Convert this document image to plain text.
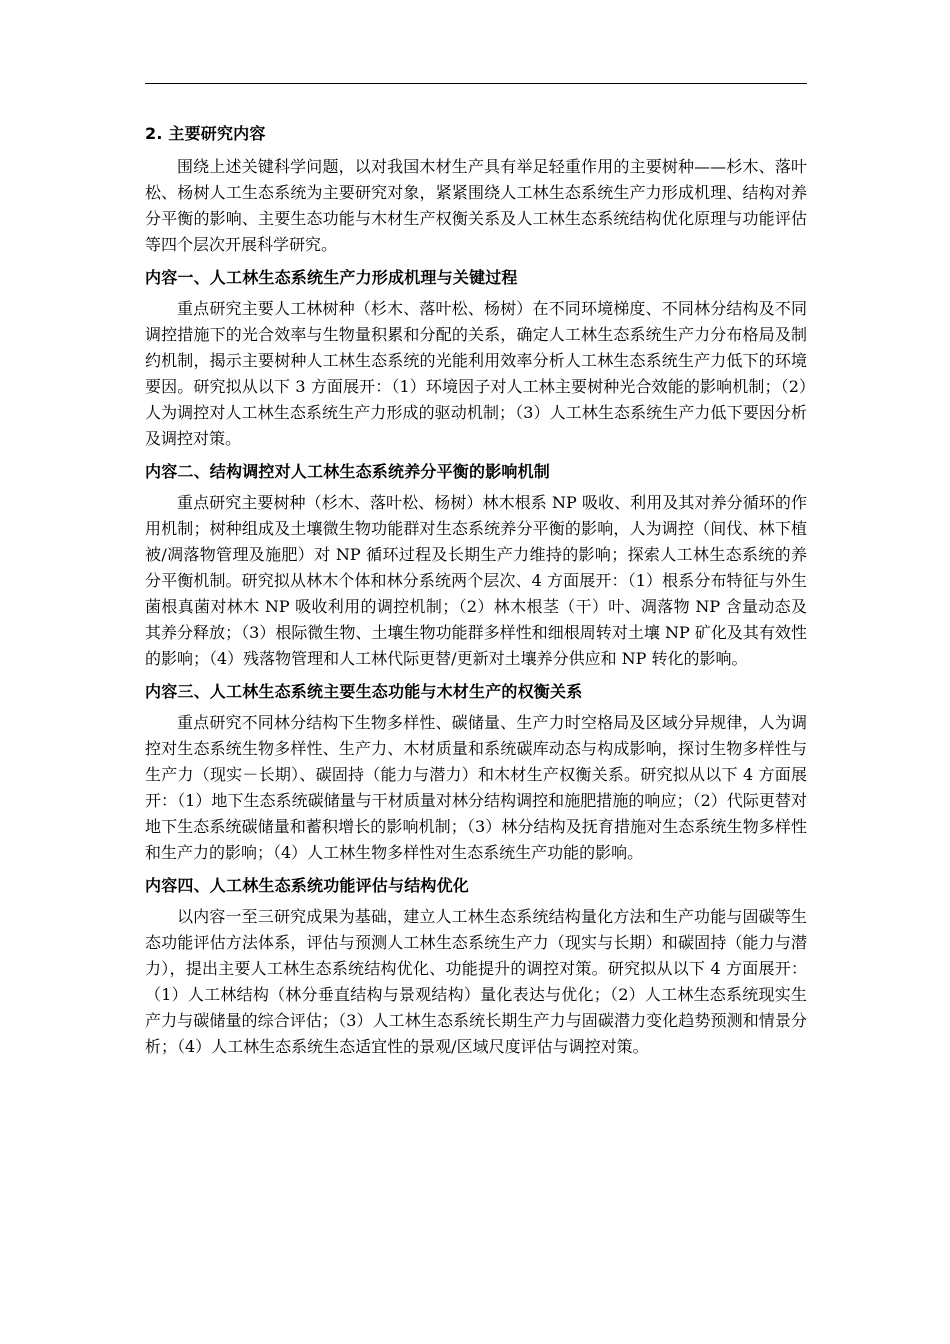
2. 主要研究内容

围绕上述关键科学问题，以对我国木材生产具有举足轻重作用的主要树种——杉木、落叶松、杨树人工生态系统为主要研究对象，紧紧围绕人工林生态系统生产力形成机理、结构对养分平衡的影响、主要生态功能与木材生产权衡关系及人工林生态系统结构优化原理与功能评估等四个层次开展科学研究。

内容一、人工林生态系统生产力形成机理与关键过程

重点研究主要人工林树种（杉木、落叶松、杨树）在不同环境梯度、不同林分结构及不同调控措施下的光合效率与生物量积累和分配的关系，确定人工林生态系统生产力分布格局及制约机制，揭示主要树种人工林生态系统的光能利用效率分析人工林生态系统生产力低下的环境要因。研究拟从以下 3 方面展开：（1）环境因子对人工林主要树种光合效能的影响机制；（2）人为调控对人工林生态系统生产力形成的驱动机制；（3）人工林生态系统生产力低下要因分析及调控对策。

内容二、结构调控对人工林生态系统养分平衡的影响机制

重点研究主要树种（杉木、落叶松、杨树）林木根系 NP 吸收、利用及其对养分循环的作用机制；树种组成及土壤微生物功能群对生态系统养分平衡的影响，人为调控（间伐、林下植被/凋落物管理及施肥）对 NP 循环过程及长期生产力维持的影响；探索人工林生态系统的养分平衡机制。研究拟从林木个体和林分系统两个层次、4 方面展开：（1）根系分布特征与外生菌根真菌对林木 NP 吸收利用的调控机制；（2）林木根茎（干）叶、凋落物 NP 含量动态及其养分释放；（3）根际微生物、土壤生物功能群多样性和细根周转对土壤 NP 矿化及其有效性的影响；（4）残落物管理和人工林代际更替/更新对土壤养分供应和 NP 转化的影响。

内容三、人工林生态系统主要生态功能与木材生产的权衡关系

重点研究不同林分结构下生物多样性、碳储量、生产力时空格局及区域分异规律，人为调控对生态系统生物多样性、生产力、木材质量和系统碳库动态与构成影响，探讨生物多样性与生产力（现实－长期）、碳固持（能力与潜力）和木材生产权衡关系。研究拟从以下 4 方面展开：（1）地下生态系统碳储量与干材质量对林分结构调控和施肥措施的响应；（2）代际更替对地下生态系统碳储量和蓄积增长的影响机制；（3）林分结构及抚育措施对生态系统生物多样性和生产力的影响；（4）人工林生物多样性对生态系统生产功能的影响。

内容四、人工林生态系统功能评估与结构优化

以内容一至三研究成果为基础，建立人工林生态系统结构量化方法和生产功能与固碳等生态功能评估方法体系，评估与预测人工林生态系统生产力（现实与长期）和碳固持（能力与潜力），提出主要人工林生态系统结构优化、功能提升的调控对策。研究拟从以下 4 方面展开：（1）人工林结构（林分垂直结构与景观结构）量化表达与优化；（2）人工林生态系统现实生产力与碳储量的综合评估；（3）人工林生态系统长期生产力与固碳潜力变化趋势预测和情景分析；（4）人工林生态系统生态适宜性的景观/区域尺度评估与调控对策。
